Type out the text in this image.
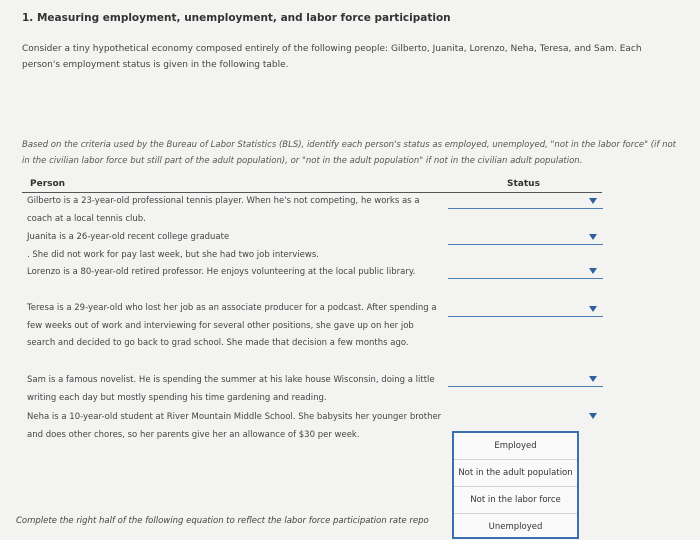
1. Measuring employment, unemployment, and labor force participation
Consider a tiny hypothetical economy composed entirely of the following people: Gilberto, Juanita, Lorenzo, Neha, Teresa, and Sam. Each person's employment status is given in the following table.
Based on the criteria used by the Bureau of Labor Statistics (BLS), identify each person's status as employed, unemployed, "not in the labor force" (if not in the civilian labor force but still part of the adult population), or "not in the adult population" if not in the civilian adult population.
Person	Status
Gilberto is a 23-year-old professional tennis player. When he's not competing, he works as a coach at a local tennis club.
Juanita is a 26-year-old recent college graduate
. She did not work for pay last week, but she had two job interviews.
Lorenzo is a 80-year-old retired professor. He enjoys volunteering at the local public library.
Teresa is a 29-year-old who lost her job as an associate producer for a podcast. After spending a few weeks out of work and interviewing for several other positions, she gave up on her job search and decided to go back to grad school. She made that decision a few months ago.
Sam is a famous novelist. He is spending the summer at his lake house Wisconsin, doing a little writing each day but mostly spending his time gardening and reading.
Neha is a 10-year-old student at River Mountain Middle School. She babysits her younger brother and does other chores, so her parents give her an allowance of $30 per week.
Employed
Not in the adult population
Not in the labor force
Unemployed
Complete the right half of the following equation to reflect the labor force participation rate repo
